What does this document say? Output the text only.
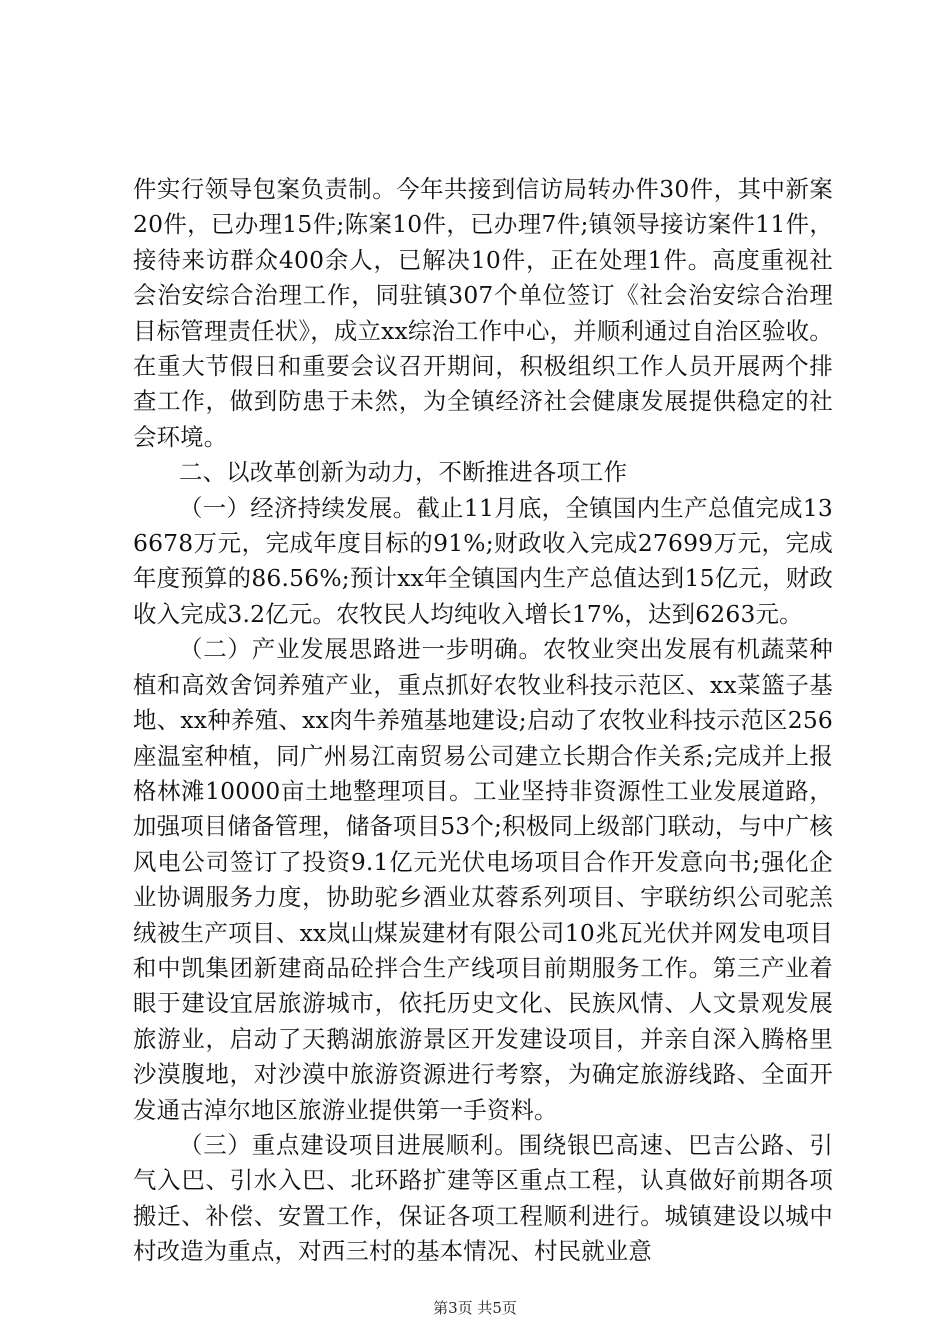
件实行领导包案负责制。今年共接到信访局转办件30件，其中新案20件，已办理15件;陈案10件，已办理7件;镇领导接访案件11件，接待来访群众400余人，已解决10件，正在处理1件。高度重视社会治安综合治理工作，同驻镇307个单位签订《社会治安综合治理目标管理责任状》，成立xx综治工作中心，并顺利通过自治区验收。在重大节假日和重要会议召开期间，积极组织工作人员开展两个排查工作，做到防患于未然，为全镇经济社会健康发展提供稳定的社会环境。

二、以改革创新为动力，不断推进各项工作

（一）经济持续发展。截止11月底，全镇国内生产总值完成136678万元，完成年度目标的91%;财政收入完成27699万元，完成年度预算的86.56%;预计xx年全镇国内生产总值达到15亿元，财政收入完成3.2亿元。农牧民人均纯收入增长17%，达到6263元。

（二）产业发展思路进一步明确。农牧业突出发展有机蔬菜种植和高效舍饲养殖产业，重点抓好农牧业科技示范区、xx菜篮子基地、xx种养殖、xx肉牛养殖基地建设;启动了农牧业科技示范区256座温室种植，同广州易江南贸易公司建立长期合作关系;完成并上报格林滩10000亩土地整理项目。工业坚持非资源性工业发展道路，加强项目储备管理，储备项目53个;积极同上级部门联动，与中广核风电公司签订了投资9.1亿元光伏电场项目合作开发意向书;强化企业协调服务力度，协助驼乡酒业苁蓉系列项目、宇联纺织公司驼羔绒被生产项目、xx岚山煤炭建材有限公司10兆瓦光伏并网发电项目和中凯集团新建商品砼拌合生产线项目前期服务工作。第三产业着眼于建设宜居旅游城市，依托历史文化、民族风情、人文景观发展旅游业，启动了天鹅湖旅游景区开发建设项目，并亲自深入腾格里沙漠腹地，对沙漠中旅游资源进行考察，为确定旅游线路、全面开发通古淖尔地区旅游业提供第一手资料。

（三）重点建设项目进展顺利。围绕银巴高速、巴吉公路、引气入巴、引水入巴、北环路扩建等区重点工程，认真做好前期各项搬迁、补偿、安置工作，保证各项工程顺利进行。城镇建设以城中村改造为重点，对西三村的基本情况、村民就业意

第3页 共5页
